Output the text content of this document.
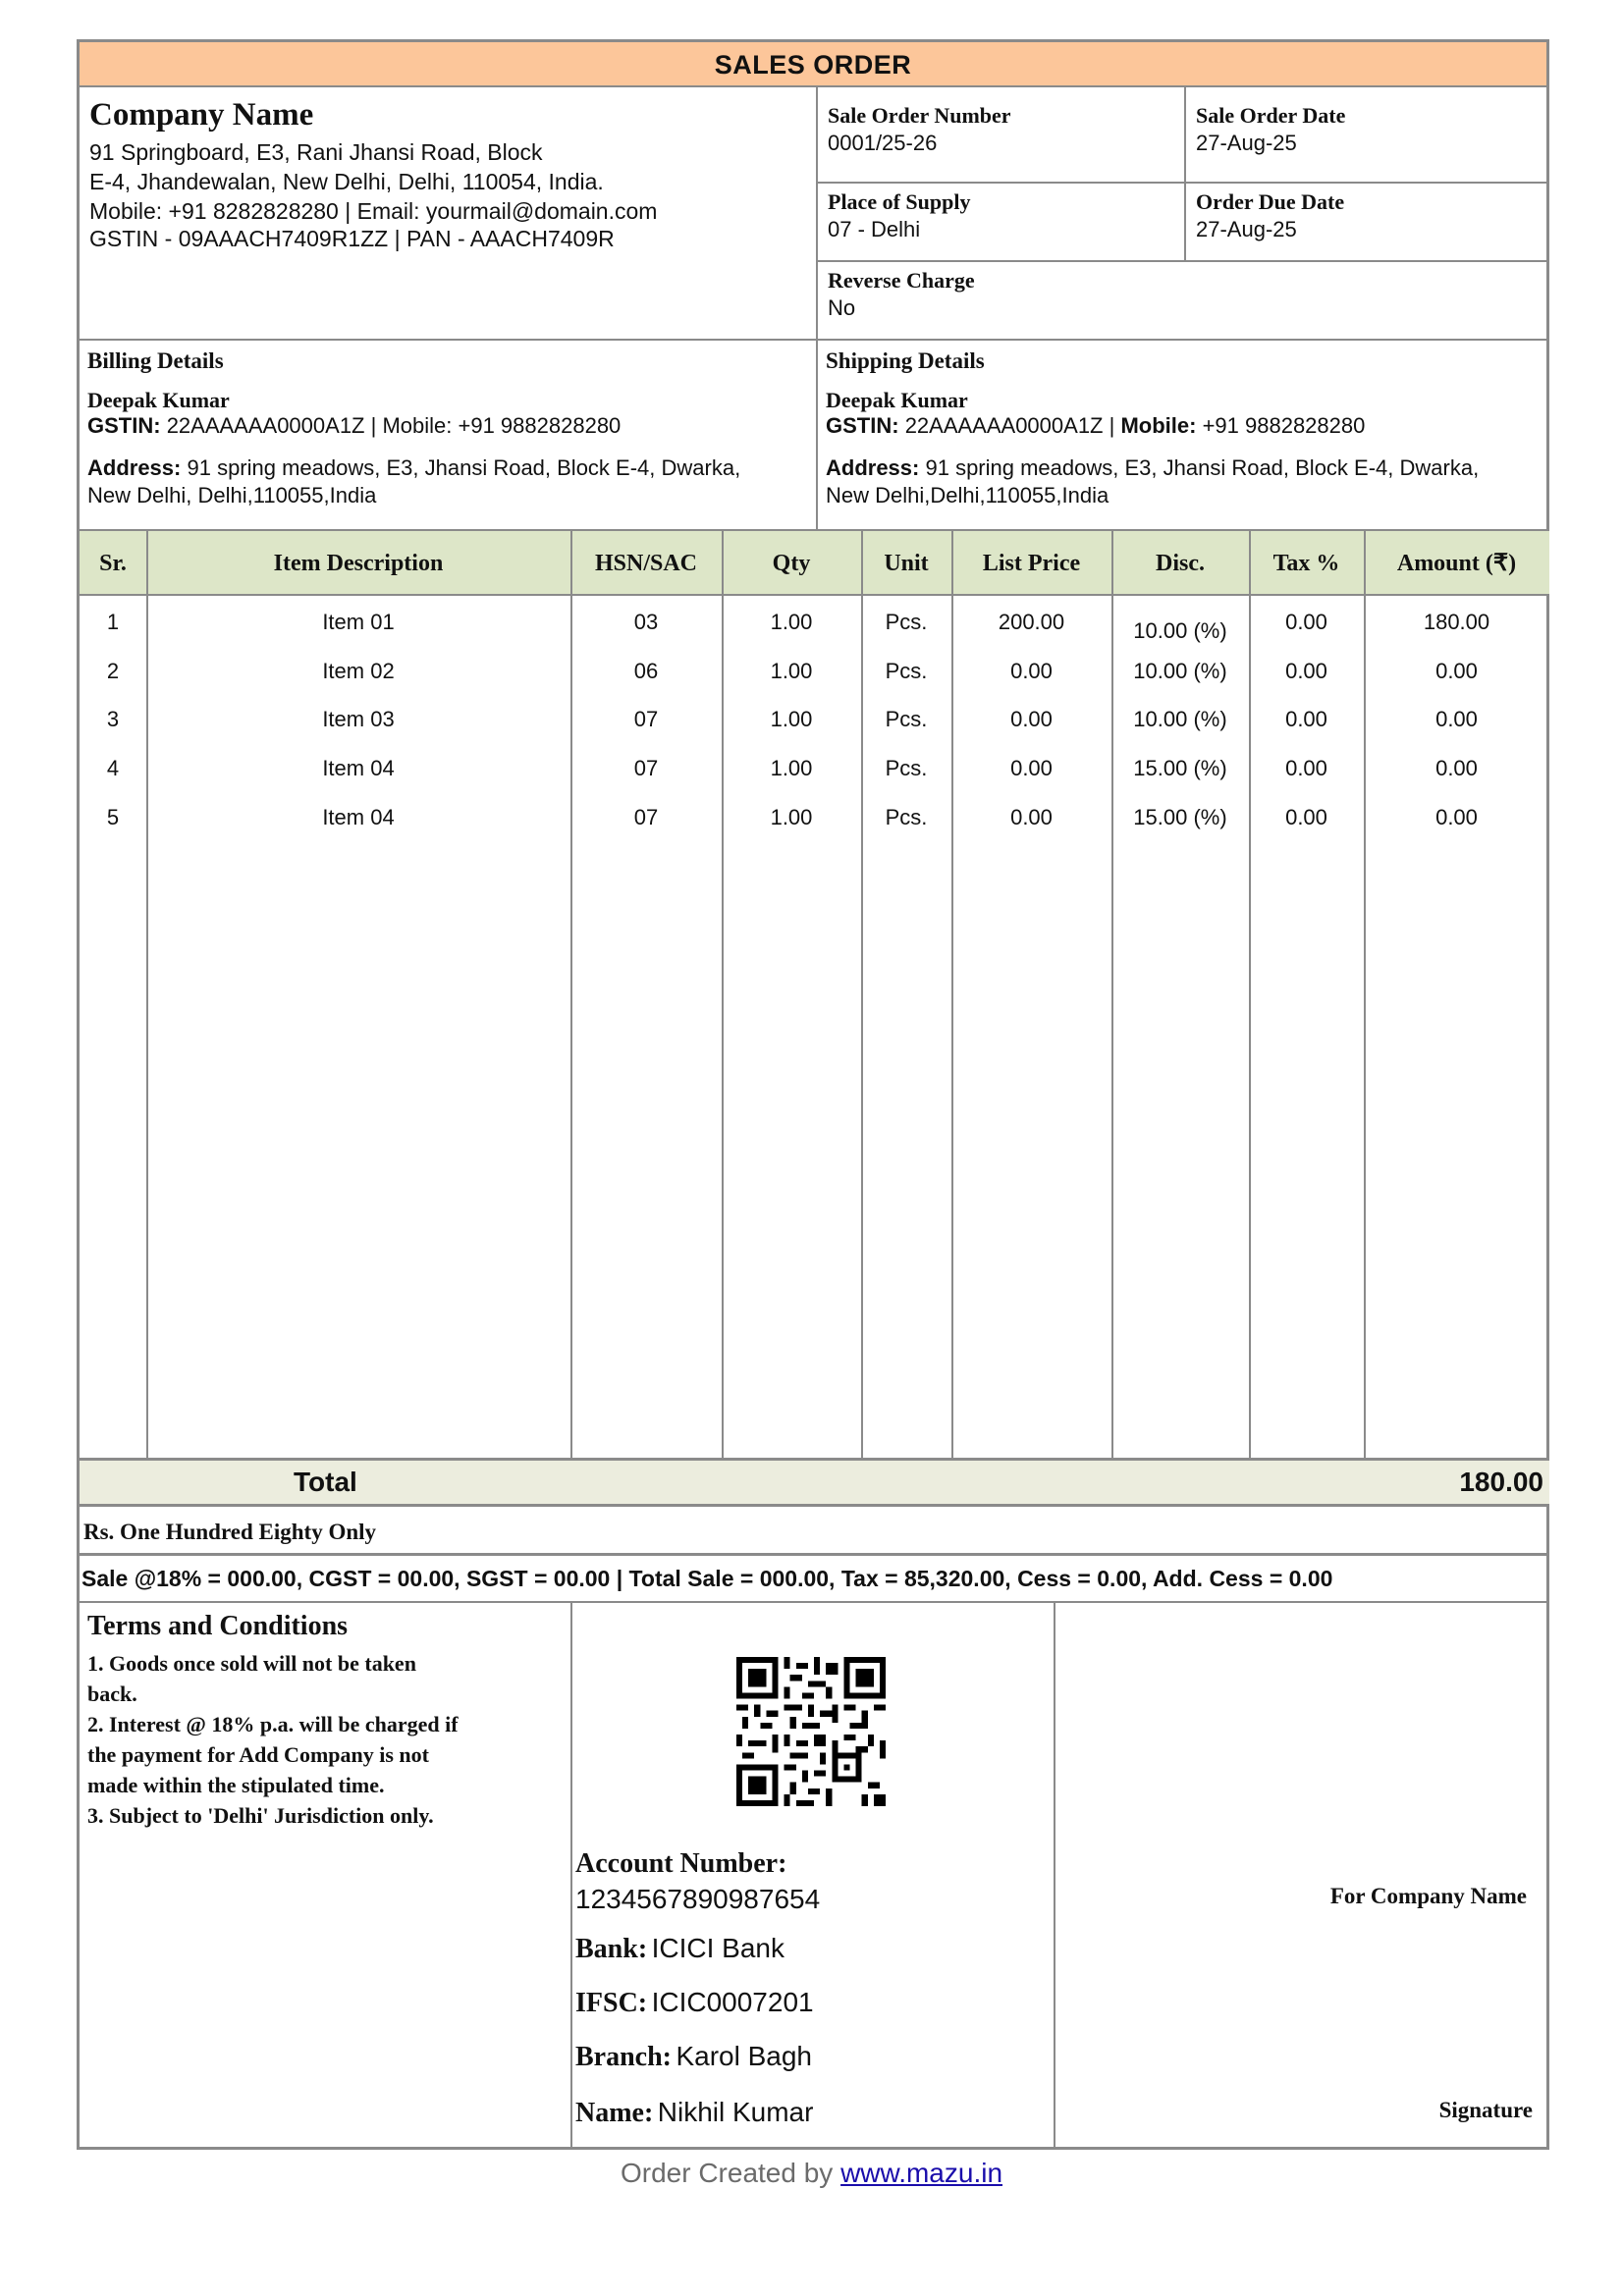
SALES ORDER
Company Name
91 Springboard, E3, Rani Jhansi Road, Block
E-4, Jhandewalan, New Delhi, Delhi, 110054, India.
Mobile: +91 8282828280 | Email: yourmail@domain.com
GSTIN - 09AAACH7409R1ZZ | PAN - AAACH7409R
Sale Order Number
0001/25-26
Sale Order Date
27-Aug-25
Place of Supply
07 - Delhi
Order Due Date
27-Aug-25
Reverse Charge
No
Billing Details
Deepak Kumar
GSTIN: 22AAAAAA0000A1Z | Mobile: +91 9882828280
Address: 91 spring meadows, E3, Jhansi Road, Block E-4, Dwarka,
New Delhi, Delhi,110055,India
Shipping Details
Deepak Kumar
GSTIN: 22AAAAAA0000A1Z | Mobile: +91 9882828280
Address: 91 spring meadows, E3, Jhansi Road, Block E-4, Dwarka,
New Delhi,Delhi,110055,India
Sr.	Item Description	HSN/SAC	Qty	Unit	List Price	Disc.	Tax %	Amount (₹)
1	Item 01	03	1.00	Pcs.	200.00	10.00 (%)	0.00	180.00
2	Item 02	06	1.00	Pcs.	0.00	10.00 (%)	0.00	0.00
3	Item 03	07	1.00	Pcs.	0.00	10.00 (%)	0.00	0.00
4	Item 04	07	1.00	Pcs.	0.00	15.00 (%)	0.00	0.00
5	Item 04	07	1.00	Pcs.	0.00	15.00 (%)	0.00	0.00
Total	180.00
Rs. One Hundred Eighty Only
Sale @18% = 000.00, CGST = 00.00, SGST = 00.00 | Total Sale = 000.00, Tax = 85,320.00, Cess = 0.00, Add. Cess = 0.00
Terms and Conditions
1. Goods once sold will not be taken
back.
2. Interest @ 18% p.a. will be charged if
the payment for Add Company is not
made within the stipulated time.
3. Subject to 'Delhi' Jurisdiction only.
Account Number:
1234567890987654
Bank: ICICI Bank
IFSC: ICIC0007201
Branch: Karol Bagh
Name: Nikhil Kumar
For Company Name
Signature
Order Created by www.mazu.in
